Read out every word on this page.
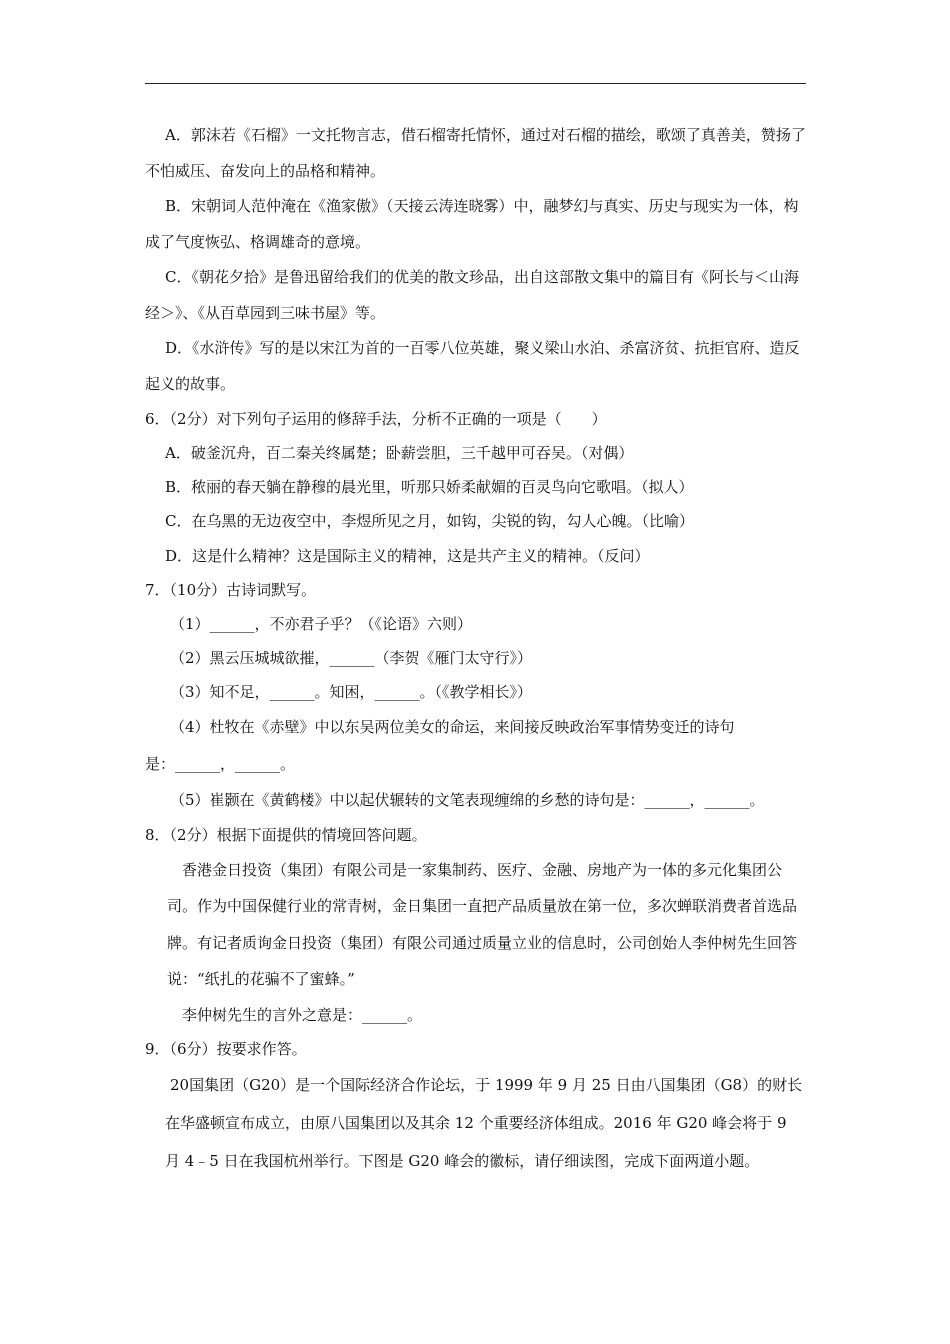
A．郭沫若《石榴》一文托物言志，借石榴寄托情怀，通过对石榴的描绘，歌颂了真善美，赞扬了不怕威压、奋发向上的品格和精神。

B．宋朝词人范仲淹在《渔家傲》（天接云涛连晓雾）中，融梦幻与真实、历史与现实为一体，构成了气度恢弘、格调雄奇的意境。

C．《朝花夕拾》是鲁迅留给我们的优美的散文珍品，出自这部散文集中的篇目有《阿长与＜山海经＞》、《从百草园到三味书屋》等。

D．《水浒传》写的是以宋江为首的一百零八位英雄，聚义梁山水泊、杀富济贫、抗拒官府、造反起义的故事。

6．（2分）对下列句子运用的修辞手法，分析不正确的一项是（　　）

A．破釜沉舟，百二秦关终属楚；卧薪尝胆，三千越甲可吞吴。（对偶）

B．秾丽的春天躺在静穆的晨光里，听那只娇柔献媚的百灵鸟向它歌唱。（拟人）

C．在乌黑的无边夜空中，李煜所见之月，如钩，尖锐的钩，勾人心魄。（比喻）

D．这是什么精神？这是国际主义的精神，这是共产主义的精神。（反问）

7．（10分）古诗词默写。

（1）______，不亦君子乎？（《论语》六则）

（2）黑云压城城欲摧，______（李贺《雁门太守行》）

（3）知不足，______。知困，______。（《教学相长》）

（4）杜牧在《赤壁》中以东吴两位美女的命运，来间接反映政治军事情势变迁的诗句

是：______，______。

（5）崔颢在《黄鹤楼》中以起伏辗转的文笔表现缠绵的乡愁的诗句是：______，______。

8．（2分）根据下面提供的情境回答问题。

香港金日投资（集团）有限公司是一家集制药、医疗、金融、房地产为一体的多元化集团公司。作为中国保健行业的常青树，金日集团一直把产品质量放在第一位，多次蝉联消费者首选品牌。有记者质询金日投资（集团）有限公司通过质量立业的信息时，公司创始人李仲树先生回答说：“纸扎的花骗不了蜜蜂。”

李仲树先生的言外之意是：______。

9．（6分）按要求作答。

20国集团（G20）是一个国际经济合作论坛，于 1999 年 9 月 25 日由八国集团（G8）的财长在华盛顿宣布成立，由原八国集团以及其余 12 个重要经济体组成。2016 年 G20 峰会将于 9 月 4﹣5 日在我国杭州举行。下图是 G20 峰会的徽标，请仔细读图，完成下面两道小题。
